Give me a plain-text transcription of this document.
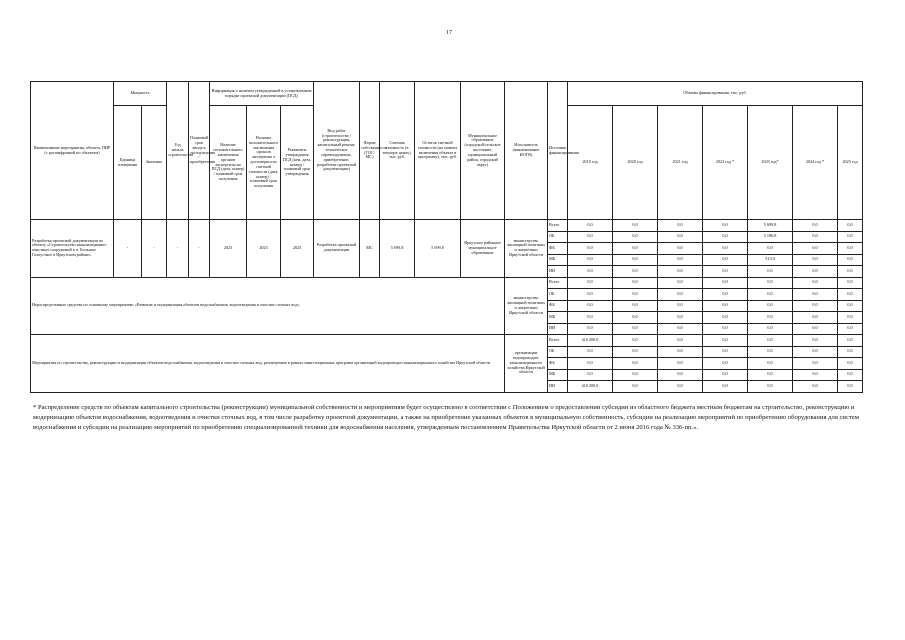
17
Наименование мероприятия, объекта, ПИР (с расшифровкой по объектам)	Мощность		Год начала строительства	Плановый срок ввода в эксплуатацию / приобретения	Информация о наличии утвержденной в установленном порядке проектной документации (ПСД)			Вид работ (строительство / реконструкция, капитальный ремонт, техническое перевооружение, приобретение, разработка проектной документации)	Форма собственности (ГОС/МС)	Сметная стоимость (в текущих ценах), тыс. руб.	Остаток сметной стоимости (на момент включения объекта в программу), тыс. руб.	Муниципальное образование (городской/сельское поселение, муниципальный район, городской округ)	Исполнитель (наименование ИОГВ)	Источник финансирования	Объемы финансирования, тыс. руб.						
	Единица измерения	Значение			Наличие положительного заключения органов экспертизы на ПСД (дата, номер) / плановый срок получения	Наличие положительного заключения органов экспертизы о достоверности сметной стоимости (дата, номер) / плановый срок получения	Реквизиты утверждения ПСД (кем, дата, номер) / плановый срок утверждения								2019 год	2020 год	2021 год	2022 год *	2023 год*	2024 год *	2025 год
Разработка проектной документации по объекту «Строительство канализационно-очистных сооружений в п. Большое Голоустное в Иркутском районе»	-	-	-	-	2023	2023	2025	Разработка проектной документации	МС	5 699,8	5 699,8	Иркутское районное муниципальное образование	министерство жилищной политики и энергетики Иркутской области	Всего	0,0	0,0	0,0	0,0	5 699,8	0,0	0,0
														ОБ	0,0	0,0	0,0	0,0	5 186,8	0,0	0,0
														ФБ	0,0	0,0	0,0	0,0	0,0	0,0	0,0
														МБ	0,0	0,0	0,0	0,0	513,0	0,0	0,0
														ИИ	0,0	0,0	0,0	0,0	0,0	0,0	0,0
Нераспределенные средства по основному мероприятию «Развитие и модернизация объектов водоснабжения, водоотведения и очистки сточных вод»													министерство жилищной политики и энергетики Иркутской области	Всего	0,0	0,0	0,0	0,0	0,0	0,0	0,0
														ОБ	0,0	0,0	0,0	0,0	0,0	0,0	0,0
														ФБ	0,0	0,0	0,0	0,0	0,0	0,0	0,0
														МБ	0,0	0,0	0,0	0,0	0,0	0,0	0,0
														ИИ	0,0	0,0	0,0	0,0	0,0	0,0	0,0
Мероприятия по строительству, реконструкции и модернизации объектов водоснабжения, водоотведения и очистки сточных вод, реализуемые в рамках инвестиционных программ организаций водопроводно-канализационного хозяйства Иркутской области													организации водопроводно-канализационного хозяйства Иркутской области	Всего	410 200,0	0,0	0,0	0,0	0,0	0,0	0,0
														ОБ	0,0	0,0	0,0	0,0	0,0	0,0	0,0
														ФБ	0,0	0,0	0,0	0,0	0,0	0,0	0,0
														МБ	0,0	0,0	0,0	0,0	0,0	0,0	0,0
														ИИ	410 200,0	0,0	0,0	0,0	0,0	0,0	0,0
* Распределение средств по объектам капитального строительства (реконструкции) муниципальной собственности и мероприятиям будет осуществлено в соответствии с Положением о предоставлении субсидии из областного бюджета местным бюджетам на строительство, реконструкцию и модернизацию объектов водоснабжения, водоотведения и очистки сточных вод, в том числе разработку проектной документации, а также на приобретение указанных объектов в муниципальную собственность, субсидии на реализацию мероприятий по приобретению оборудования для систем водоснабжения и субсидии на реализацию мероприятий по приобретению специализированной техники для водоснабжения населения, утвержденным постановлением Правительства Иркутской области от 2 июня 2016 года № 336-пп.».
